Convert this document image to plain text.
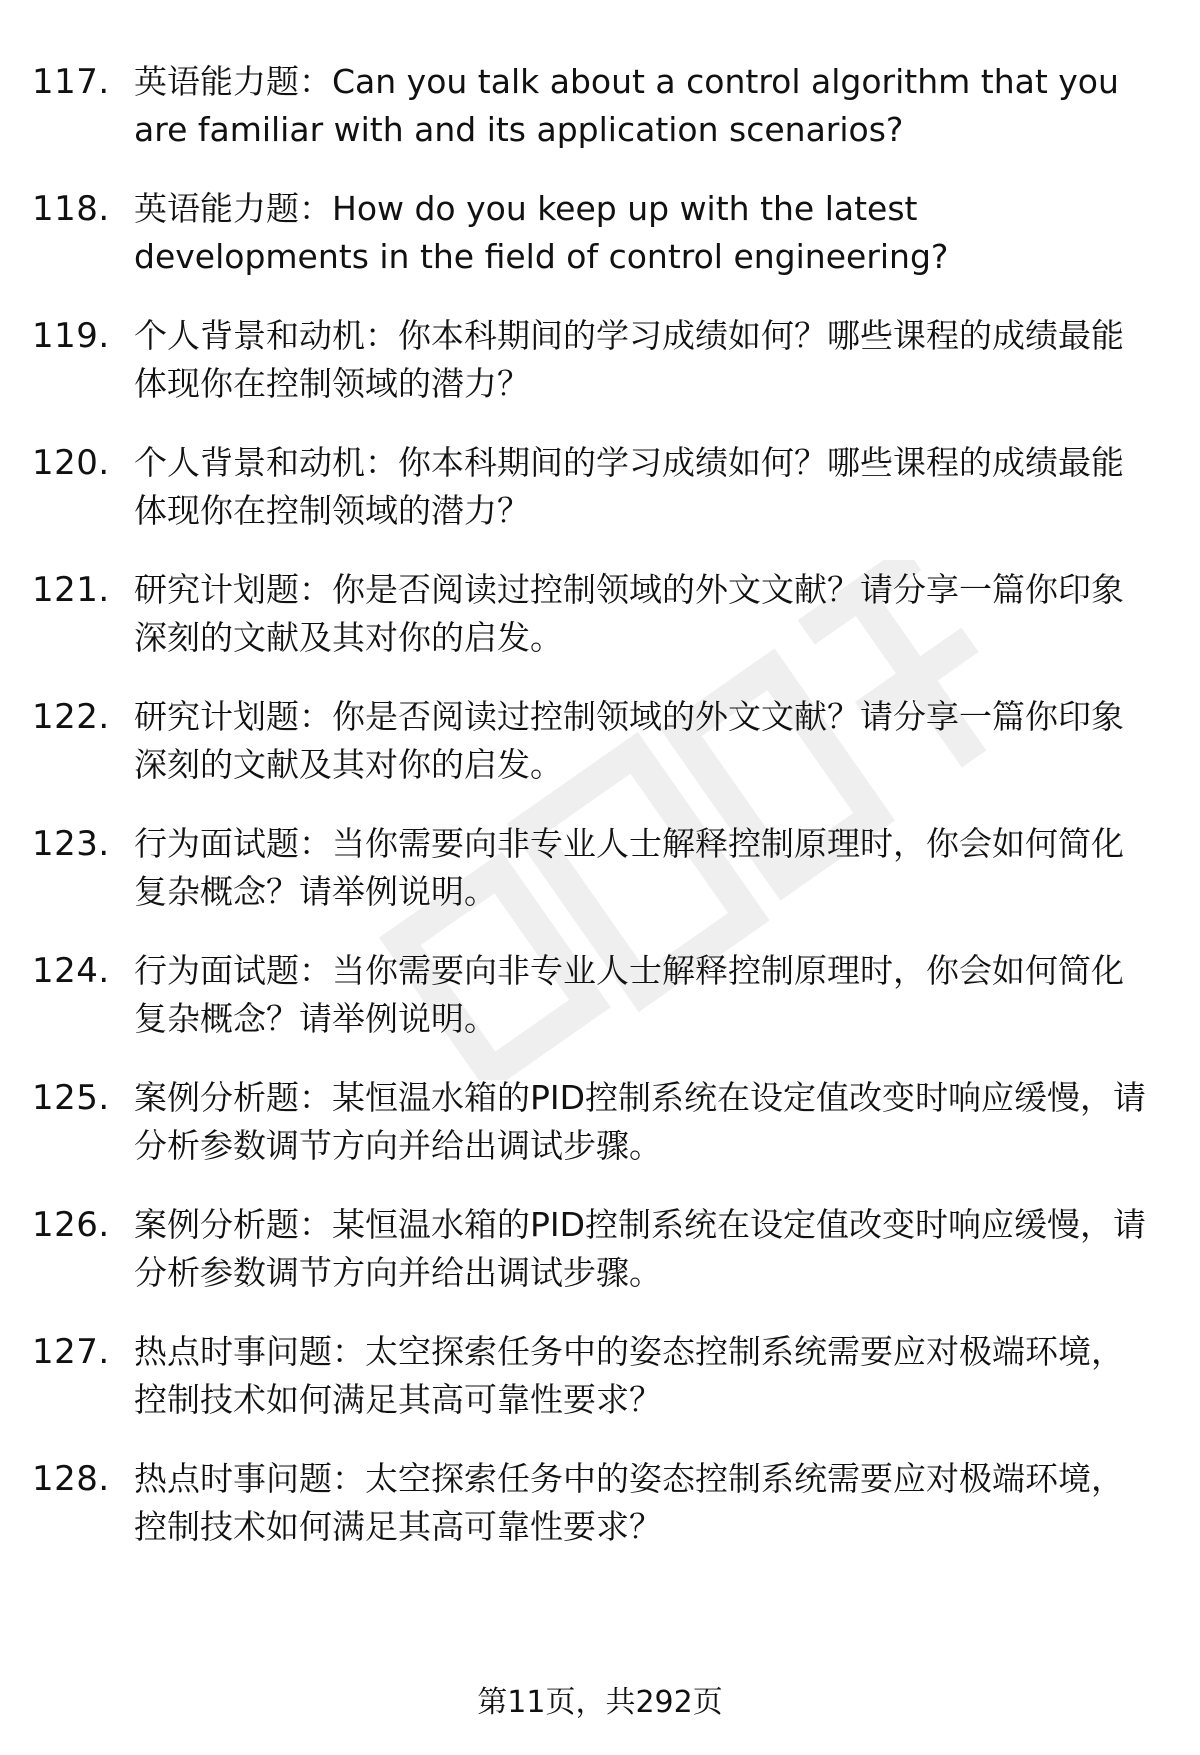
117. 英语能力题：Can you talk about a control algorithm that you are familiar with and its application scenarios?
118. 英语能力题：How do you keep up with the latest developments in the field of control engineering?
119. 个人背景和动机：你本科期间的学习成绩如何？哪些课程的成绩最能体现你在控制领域的潜力？
120. 个人背景和动机：你本科期间的学习成绩如何？哪些课程的成绩最能体现你在控制领域的潜力？
121. 研究计划题：你是否阅读过控制领域的外文文献？请分享一篇你印象深刻的文献及其对你的启发。
122. 研究计划题：你是否阅读过控制领域的外文文献？请分享一篇你印象深刻的文献及其对你的启发。
123. 行为面试题：当你需要向非专业人士解释控制原理时，你会如何简化复杂概念？请举例说明。
124. 行为面试题：当你需要向非专业人士解释控制原理时，你会如何简化复杂概念？请举例说明。
125. 案例分析题：某恒温水箱的PID控制系统在设定值改变时响应缓慢，请分析参数调节方向并给出调试步骤。
126. 案例分析题：某恒温水箱的PID控制系统在设定值改变时响应缓慢，请分析参数调节方向并给出调试步骤。
127. 热点时事问题：太空探索任务中的姿态控制系统需要应对极端环境，控制技术如何满足其高可靠性要求？
128. 热点时事问题：太空探索任务中的姿态控制系统需要应对极端环境，控制技术如何满足其高可靠性要求？
第11页，共292页
